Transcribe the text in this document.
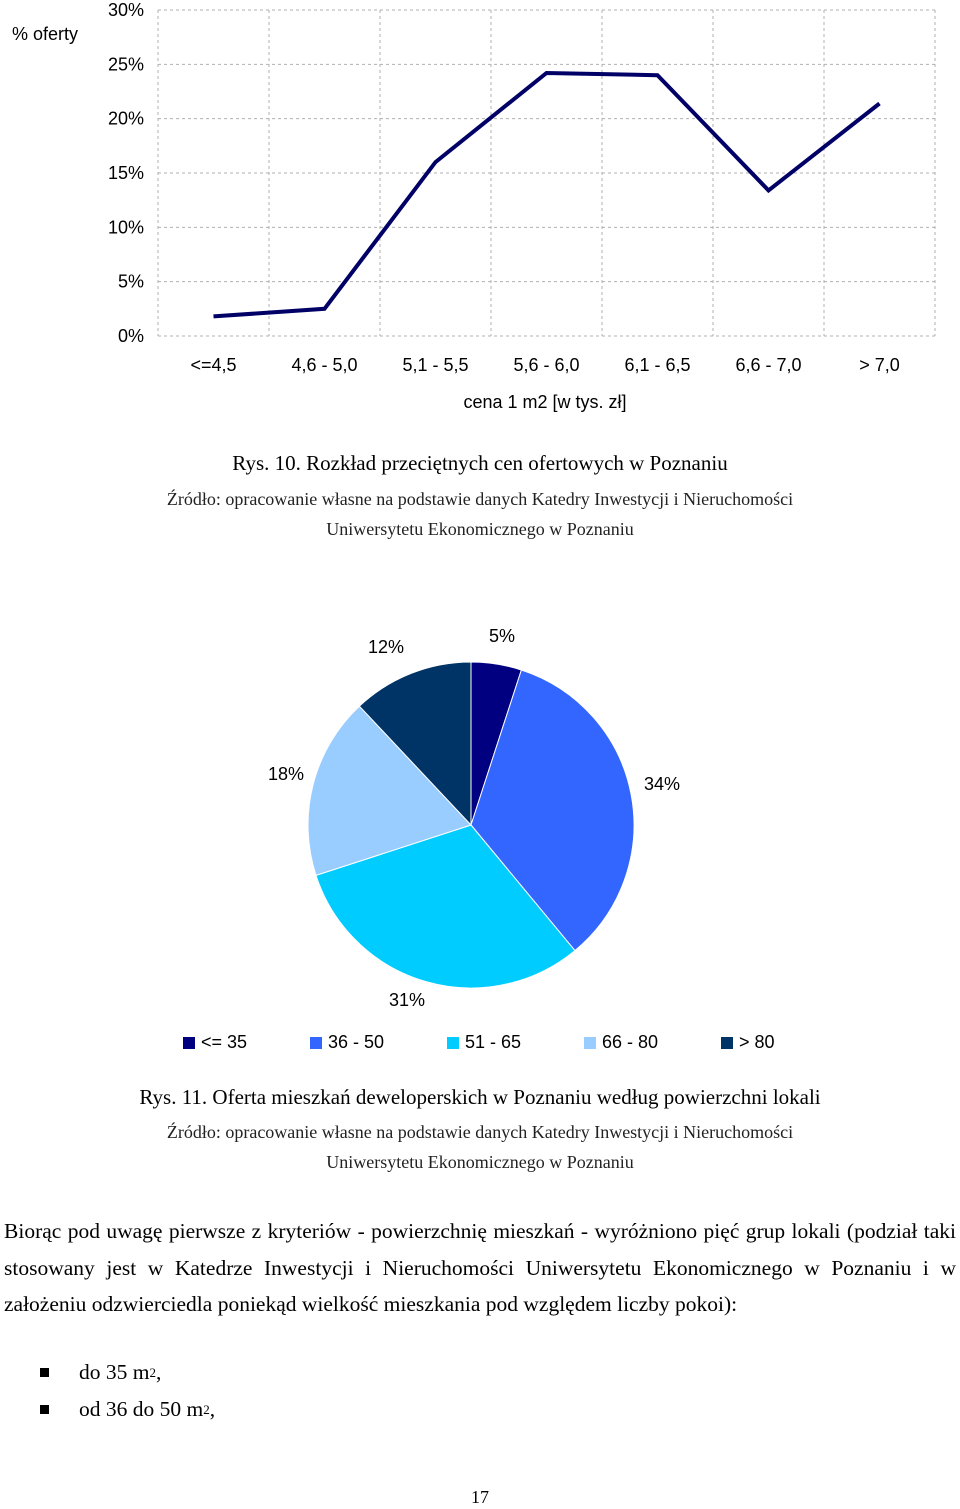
% oferty
0%
5%
10%
15%
20%
25%
30%
<=4,5	4,6 - 5,0 5,1 - 5,5 5,6 - 6,0 6,1 - 6,5 6,6 - 7,0	> 7,0
cena 1 m2 [w tys. zł]
Rys. 10. Rozkład przeciętnych cen ofertowych w Poznaniu
Źródło: opracowanie własne na podstawie danych Katedry Inwestycji i Nieruchomości
Uniwersytetu Ekonomicznego w Poznaniu
5%
34%
31%
18%
12%
<= 35	36 - 50	51 - 65	66 - 80	> 80
Rys. 11. Oferta mieszkań deweloperskich w Poznaniu według powierzchni lokali
Źródło: opracowanie własne na podstawie danych Katedry Inwestycji i Nieruchomości
Uniwersytetu Ekonomicznego w Poznaniu
Biorąc pod uwagę pierwsze z kryteriów - powierzchnię mieszkań - wyróżniono pięć grup lokali (podział taki stosowany jest w Katedrze Inwestycji i Nieruchomości Uniwersytetu Ekonomicznego w Poznaniu i w założeniu odzwierciedla poniekąd wielkość mieszkania pod względem liczby pokoi):
do 35 m 2 ,
od 36 do 50 m 2 ,
17
